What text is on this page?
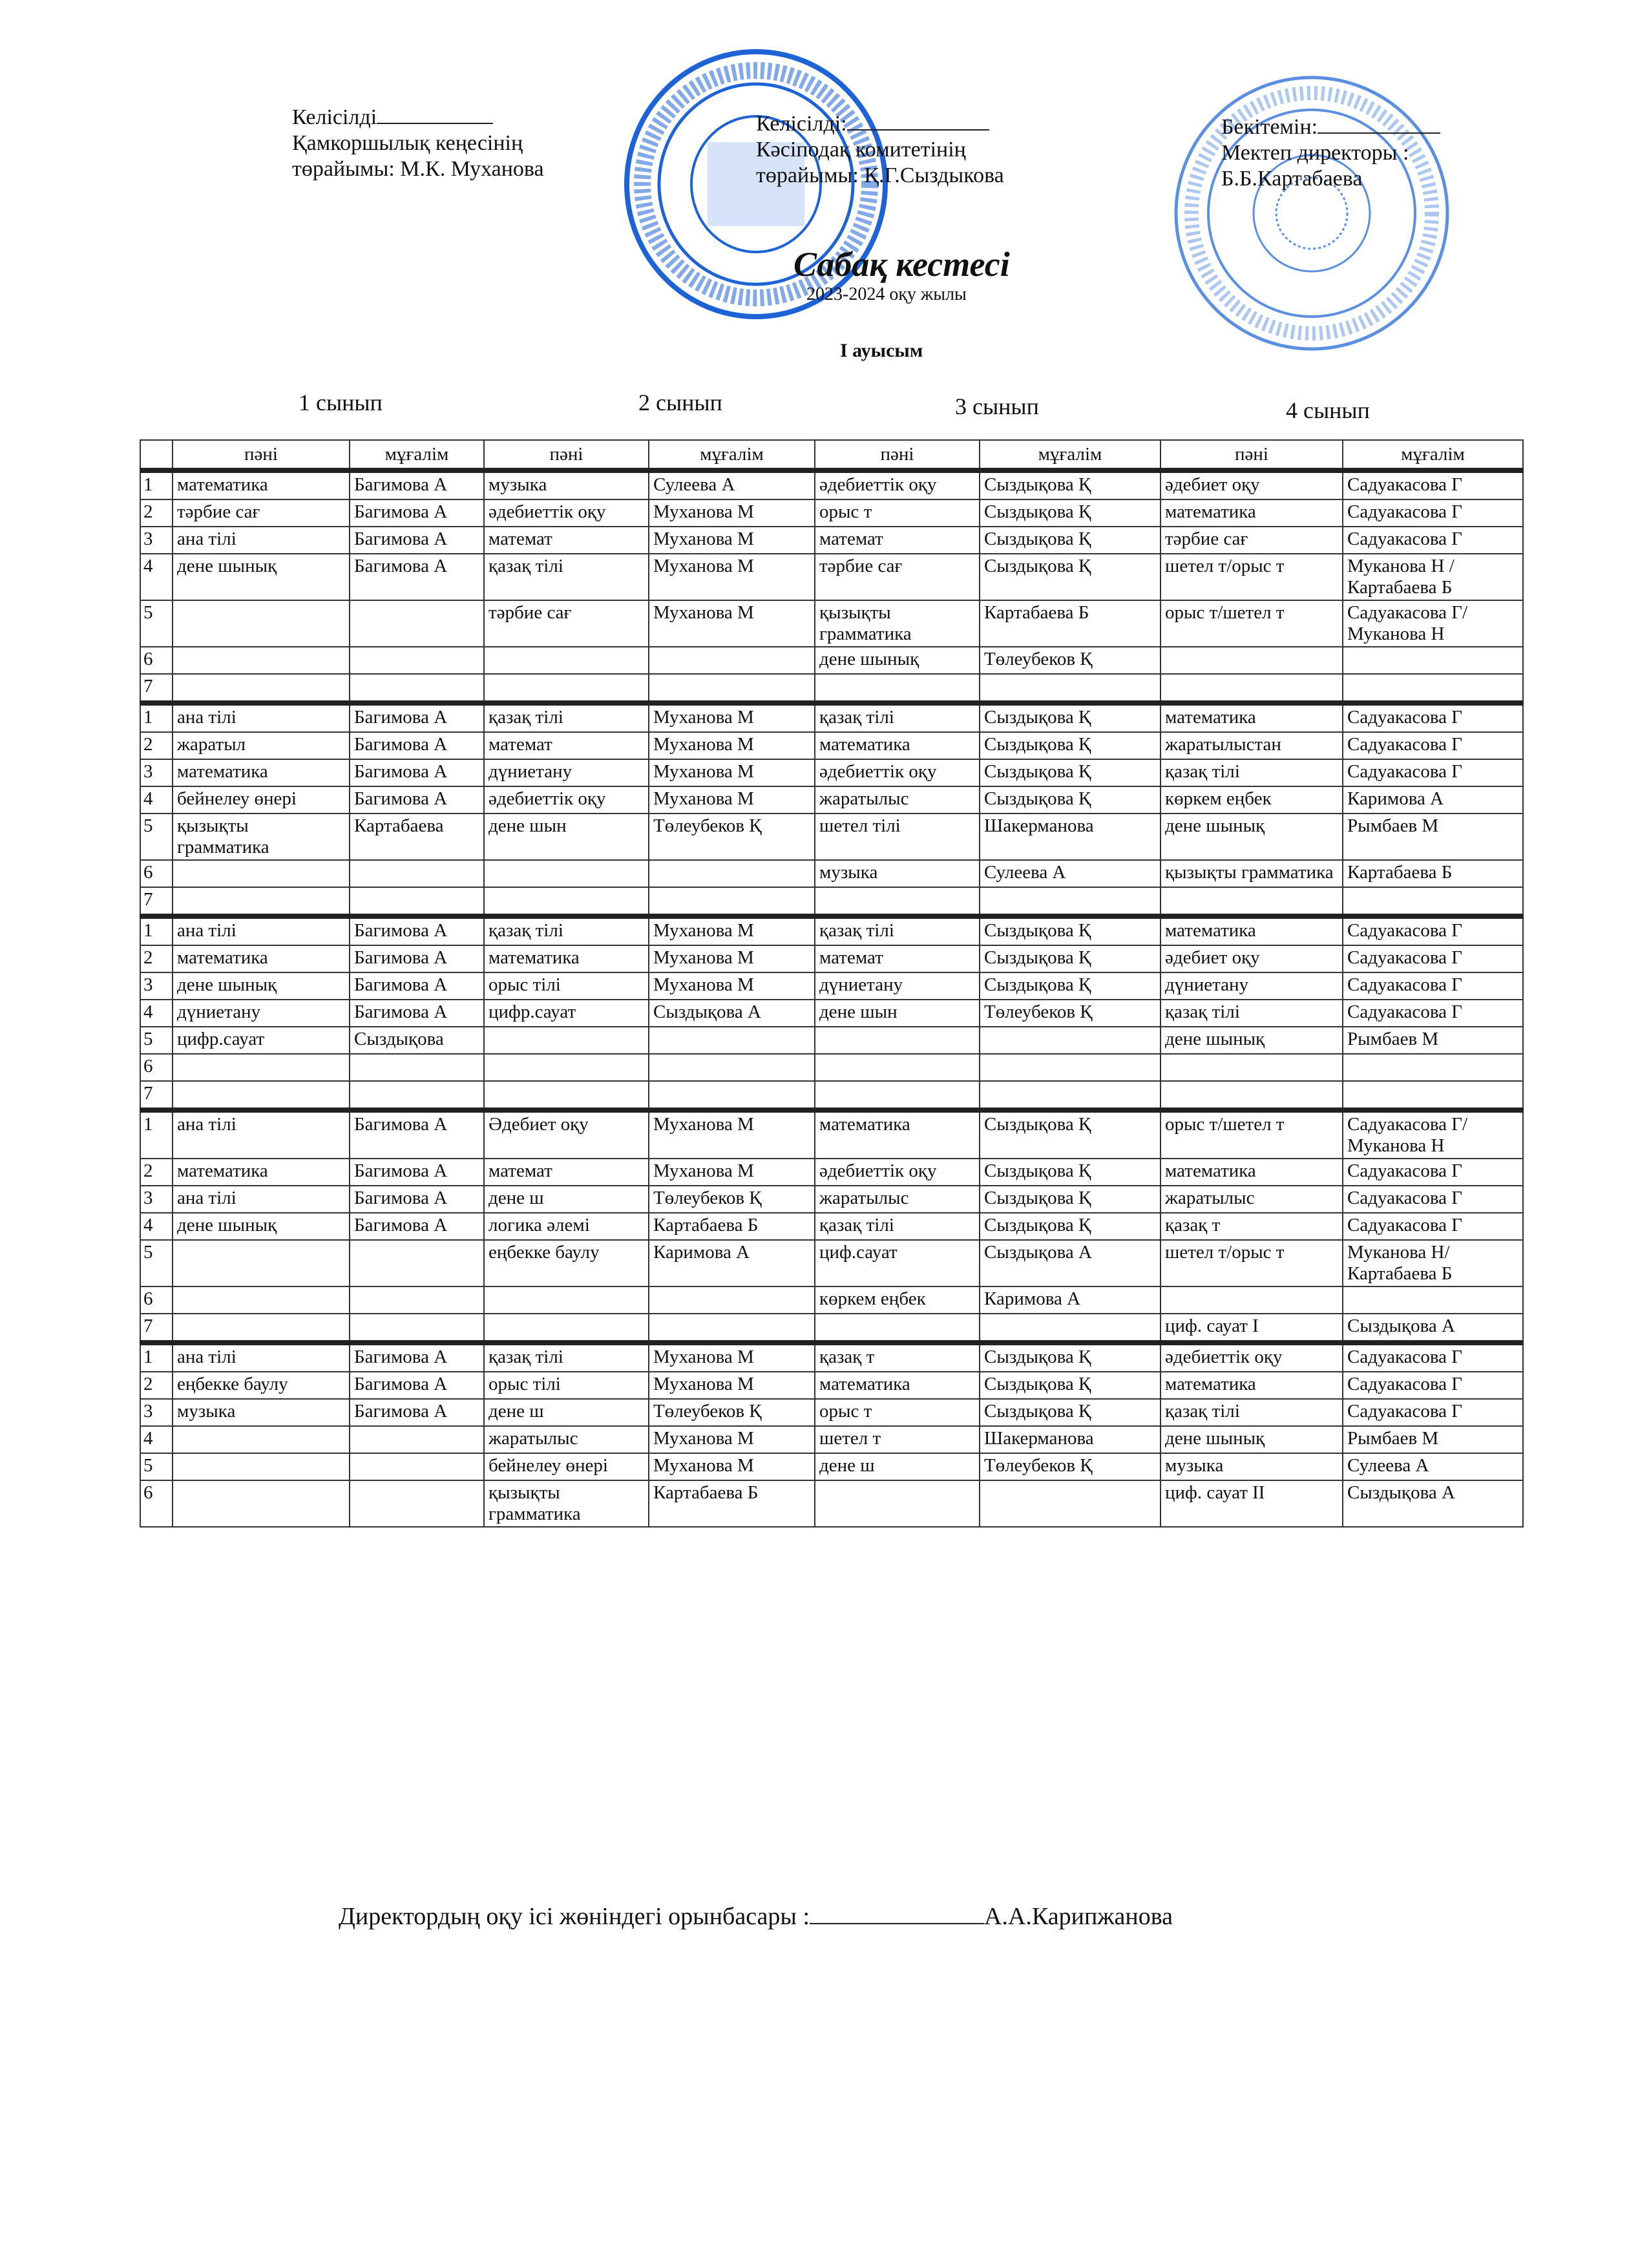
Келісілді
Қамкоршылық кеңесінің
төрайымы: М.К. Муханова
Келісілді:
Кәсіподақ комитетінің
төрайымы: Қ.Г.Сыздыкова
Бекітемін:
Мектеп директоры :
Б.Б.Картабаева
Сабақ кестесі
2023-2024 оқу жылы
I ауысым
1 сынып	2 сынып	3 сынып	4 сынып
	пәні	мұғалім	пәні	мұғалім	пәні	мұғалім	пәні	мұғалім
1	математика	Багимова А	музыка	Сулеева А	әдебиеттік оқу	Сыздықова Қ	әдебиет оқу	Садуакасова Г
2	тәрбие сағ	Багимова А	әдебиеттік оқу	Муханова М	орыс т	Сыздықова Қ	математика	Садуакасова Г
3	ана тілі	Багимова А	математ	Муханова М	математ	Сыздықова Қ	тәрбие сағ	Садуакасова Г
4	дене шынық	Багимова А	қазақ тілі	Муханова М	тәрбие сағ	Сыздықова Қ	шетел т/орыс т	Муканова Н /Картабаева Б
5			тәрбие сағ	Муханова М	қызықты грамматика	Картабаева Б	орыс т/шетел т	Садуакасова Г/ Муканова Н
6					дене шынық	Төлеубеков Қ		
7								
1	ана тілі	Багимова А	қазақ тілі	Муханова М	қазақ тілі	Сыздықова Қ	математика	Садуакасова Г
2	жаратыл	Багимова А	математ	Муханова М	математика	Сыздықова Қ	жаратылыстан	Садуакасова Г
3	математика	Багимова А	дүниетану	Муханова М	әдебиеттік оқу	Сыздықова Қ	қазақ тілі	Садуакасова Г
4	бейнелеу өнері	Багимова А	әдебиеттік оқу	Муханова М	жаратылыс	Сыздықова Қ	көркем еңбек	Каримова А
5	қызықты грамматика	Картабаева	дене шын	Төлеубеков Қ	шетел тілі	Шакерманова	дене шынық	Рымбаев М
6					музыка	Сулеева А	қызықты грамматика	Картабаева Б
7								
1	ана тілі	Багимова А	қазақ тілі	Муханова М	қазақ тілі	Сыздықова Қ	математика	Садуакасова Г
2	математика	Багимова А	математика	Муханова М	математ	Сыздықова Қ	әдебиет оқу	Садуакасова Г
3	дене шынық	Багимова А	орыс тілі	Муханова М	дүниетану	Сыздықова Қ	дүниетану	Садуакасова Г
4	дүниетану	Багимова А	цифр.сауат	Сыздықова А	дене шын	Төлеубеков Қ	қазақ тілі	Садуакасова Г
5	цифр.сауат	Сыздықова					дене шынық	Рымбаев М
6								
7								
1	ана тілі	Багимова А	Әдебиет оқу	Муханова М	математика	Сыздықова Қ	орыс т/шетел т	Садуакасова Г/ Муканова Н
2	математика	Багимова А	математ	Муханова М	әдебиеттік оқу	Сыздықова Қ	математика	Садуакасова Г
3	ана тілі	Багимова А	дене ш	Төлеубеков Қ	жаратылыс	Сыздықова Қ	жаратылыс	Садуакасова Г
4	дене шынық	Багимова А	логика әлемі	Картабаева Б	қазақ тілі	Сыздықова Қ	қазақ т	Садуакасова Г
5			еңбекке баулу	Каримова А	циф.сауат	Сыздықова А	шетел т/орыс т	Муканова Н/ Картабаева Б
6					көркем еңбек	Каримова А		
7							циф. сауат I	Сыздықова А
1	ана тілі	Багимова А	қазақ тілі	Муханова М	қазақ т	Сыздықова Қ	әдебиеттік оқу	Садуакасова Г
2	еңбекке баулу	Багимова А	орыс тілі	Муханова М	математика	Сыздықова Қ	математика	Садуакасова Г
3	музыка	Багимова А	дене ш	Төлеубеков Қ	орыс т	Сыздықова Қ	қазақ тілі	Садуакасова Г
4			жаратылыс	Муханова М	шетел т	Шакерманова	дене шынық	Рымбаев М
5			бейнелеу өнері	Муханова М	дене ш	Төлеубеков Қ	музыка	Сулеева А
6			қызықты грамматика	Картабаева Б			циф. сауат II	Сыздықова А
Директордың оқу ісі жөніндегі орынбасары :	А.А.Карипжанова
